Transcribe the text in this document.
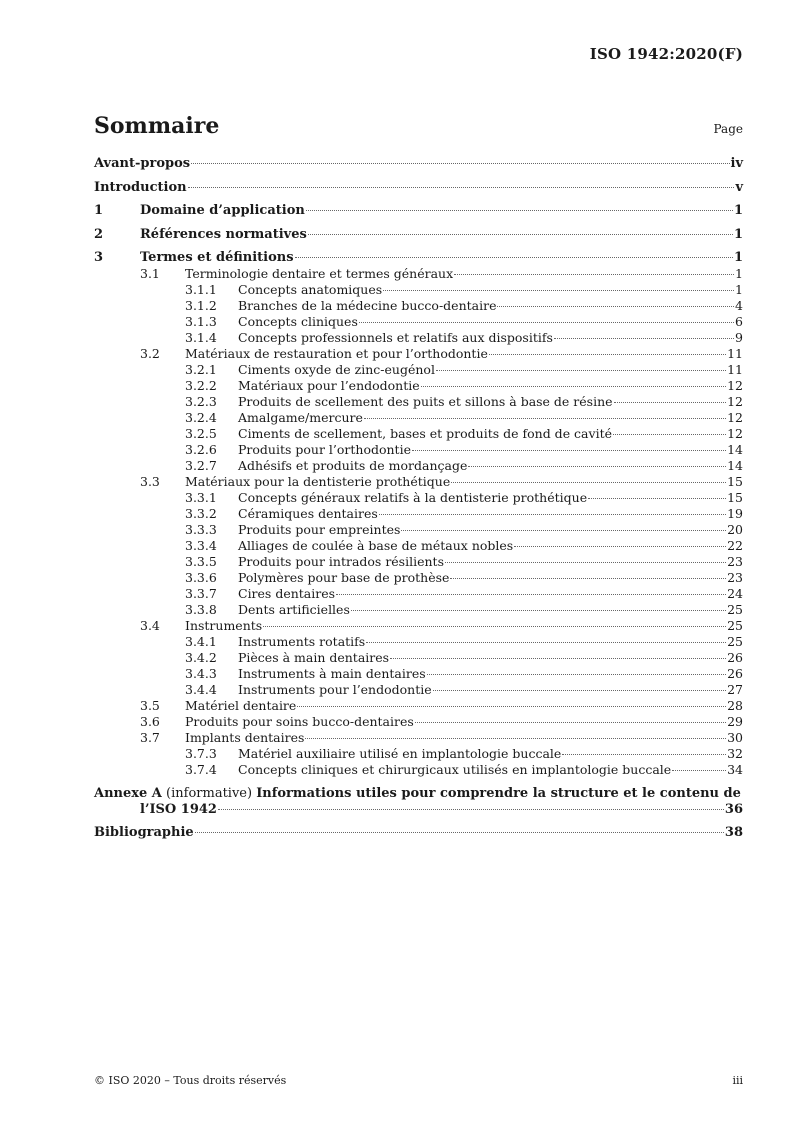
ISO 1942:2020(F)
Sommaire	Page
Avant-propos	iv
Introduction	v
1	Domaine d’application	1
2	Références normatives	1
3	Termes et définitions	1
3.1	Terminologie dentaire et termes généraux	1
3.1.1	Concepts anatomiques	1
3.1.2	Branches de la médecine bucco-dentaire	4
3.1.3	Concepts cliniques	6
3.1.4	Concepts professionnels et relatifs aux dispositifs	9
3.2	Matériaux de restauration et pour l’orthodontie	11
3.2.1	Ciments oxyde de zinc-eugénol	11
3.2.2	Matériaux pour l’endodontie	12
3.2.3	Produits de scellement des puits et sillons à base de résine	12
3.2.4	Amalgame/mercure	12
3.2.5	Ciments de scellement, bases et produits de fond de cavité	12
3.2.6	Produits pour l’orthodontie	14
3.2.7	Adhésifs et produits de mordançage	14
3.3	Matériaux pour la dentisterie prothétique	15
3.3.1	Concepts généraux relatifs à la dentisterie prothétique	15
3.3.2	Céramiques dentaires	19
3.3.3	Produits pour empreintes	20
3.3.4	Alliages de coulée à base de métaux nobles	22
3.3.5	Produits pour intrados résilients	23
3.3.6	Polymères pour base de prothèse	23
3.3.7	Cires dentaires	24
3.3.8	Dents artificielles	25
3.4	Instruments	25
3.4.1	Instruments rotatifs	25
3.4.2	Pièces à main dentaires	26
3.4.3	Instruments à main dentaires	26
3.4.4	Instruments pour l’endodontie	27
3.5	Matériel dentaire	28
3.6	Produits pour soins bucco-dentaires	29
3.7	Implants dentaires	30
3.7.3	Matériel auxiliaire utilisé en implantologie buccale	32
3.7.4	Concepts cliniques et chirurgicaux utilisés en implantologie buccale	34
Annexe A (informative) Informations utiles pour comprendre la structure et le contenu de
l’ISO 1942	36
Bibliographie	38
© ISO 2020 – Tous droits réservés	iii
